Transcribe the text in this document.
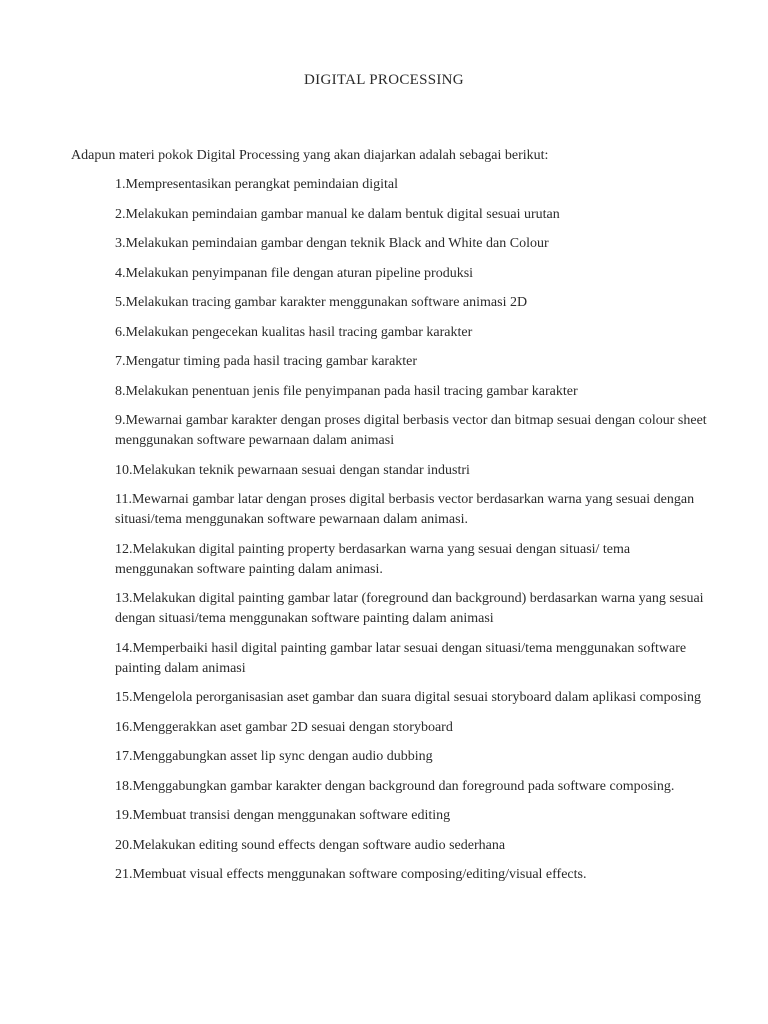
DIGITAL PROCESSING
Adapun materi pokok Digital Processing yang akan diajarkan adalah sebagai berikut:
1.Mempresentasikan perangkat pemindaian digital
2.Melakukan pemindaian gambar manual ke dalam bentuk digital sesuai urutan
3.Melakukan pemindaian gambar dengan teknik Black and White dan Colour
4.Melakukan penyimpanan file dengan aturan pipeline produksi
5.Melakukan tracing gambar karakter menggunakan software animasi 2D
6.Melakukan pengecekan kualitas hasil tracing gambar karakter
7.Mengatur timing pada hasil tracing gambar karakter
8.Melakukan penentuan jenis file penyimpanan pada hasil tracing gambar karakter
9.Mewarnai gambar karakter dengan proses digital berbasis vector dan bitmap sesuai dengan colour sheet menggunakan software pewarnaan dalam animasi
10.Melakukan teknik pewarnaan sesuai dengan standar industri
11.Mewarnai gambar latar dengan proses digital berbasis vector berdasarkan warna yang sesuai dengan situasi/tema menggunakan software pewarnaan dalam animasi.
12.Melakukan digital painting property berdasarkan warna yang sesuai dengan situasi/ tema menggunakan software painting dalam animasi.
13.Melakukan digital painting gambar latar (foreground dan background) berdasarkan warna yang sesuai dengan situasi/tema menggunakan software painting dalam animasi
14.Memperbaiki hasil digital painting gambar latar sesuai dengan situasi/tema menggunakan software painting dalam animasi
15.Mengelola perorganisasian aset gambar dan suara digital sesuai storyboard dalam aplikasi composing
16.Menggerakkan aset gambar 2D sesuai dengan storyboard
17.Menggabungkan asset lip sync dengan audio dubbing
18.Menggabungkan gambar karakter dengan background dan foreground pada software composing.
19.Membuat transisi dengan menggunakan software editing
20.Melakukan editing sound effects dengan software audio sederhana
21.Membuat visual effects menggunakan software composing/editing/visual effects.
